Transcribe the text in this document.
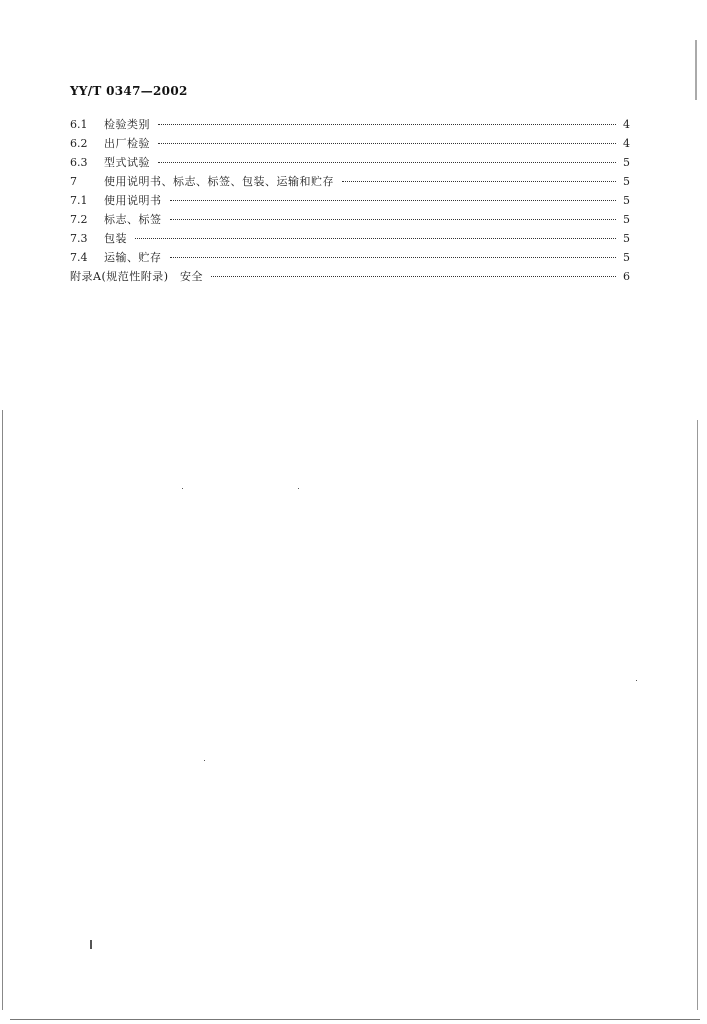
YY/T 0347—2002
6.1	检验类别	4
6.2	出厂检验	4
6.3	型式试验	5
7	使用说明书、标志、标签、包装、运输和贮存	5
7.1	使用说明书	5
7.2	标志、标签	5
7.3	包装	5
7.4	运输、贮存	5
附录A(规范性附录)　安全	6
